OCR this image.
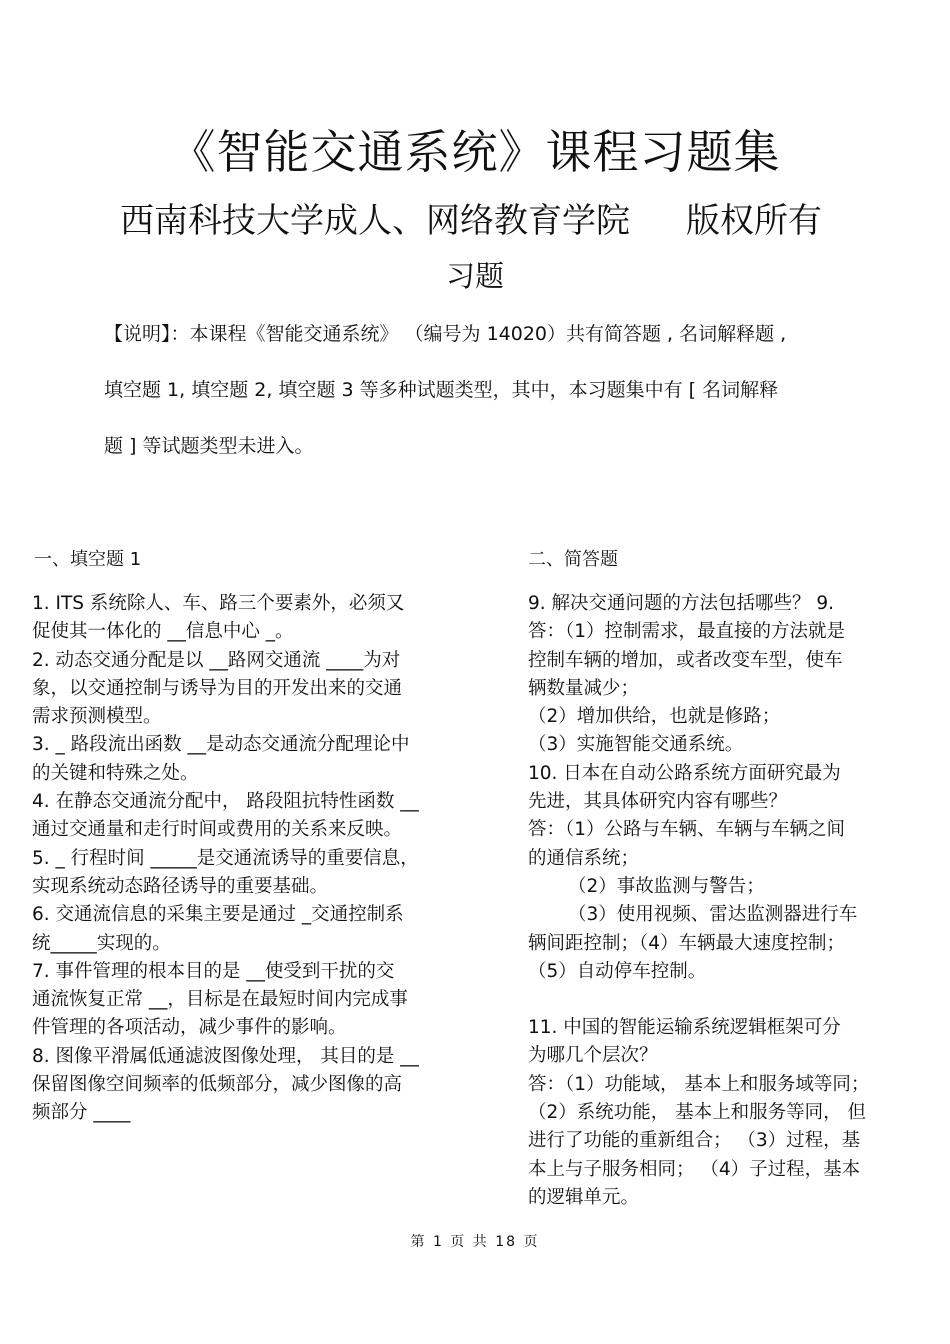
《智能交通系统》课程习题集
西南科技大学成人、网络教育学院 版权所有
习题
【说明】：本课程《智能交通系统》 （编号为 14020）共有简答题 , 名词解释题 ,
填空题 1, 填空题 2, 填空题 3 等多种试题类型，其中，本习题集中有 [ 名词解释
题 ] 等试题类型未进入。
一、填空题 1	二、简答题
1. ITS 系统除人、车、路三个要素外，必须又
促使其一体化的 __信息中心 _。
2. 动态交通分配是以 __路网交通流 ____为对
象，以交通控制与诱导为目的开发出来的交通
需求预测模型。
3. _ 路段流出函数 __是动态交通流分配理论中
的关键和特殊之处。
4. 在静态交通流分配中， 路段阻抗特性函数 __
通过交通量和走行时间或费用的关系来反映。
5. _ 行程时间 _____是交通流诱导的重要信息，
实现系统动态路径诱导的重要基础。
6. 交通流信息的采集主要是通过 _交通控制系
统_____实现的。
7. 事件管理的根本目的是 __使受到干扰的交
通流恢复正常 __，目标是在最短时间内完成事
件管理的各项活动，减少事件的影响。
8. 图像平滑属低通滤波图像处理， 其目的是 __
保留图像空间频率的低频部分，减少图像的高
频部分 ____
9. 解决交通问题的方法包括哪些？ 9.
答：（1）控制需求，最直接的方法就是
控制车辆的增加，或者改变车型，使车
辆数量减少；
（2）增加供给，也就是修路；
（3）实施智能交通系统。
10. 日本在自动公路系统方面研究最为
先进，其具体研究内容有哪些？
答：（1）公路与车辆、车辆与车辆之间
的通信系统；
（2）事故监测与警告；
（3）使用视频、雷达监测器进行车
辆间距控制；（4）车辆最大速度控制；
（5）自动停车控制。
11. 中国的智能运输系统逻辑框架可分
为哪几个层次？
答：（1）功能域， 基本上和服务域等同；
（2）系统功能， 基本上和服务等同， 但
进行了功能的重新组合； （3）过程，基
本上与子服务相同； （4）子过程，基本
的逻辑单元。
第 1 页 共 18 页
